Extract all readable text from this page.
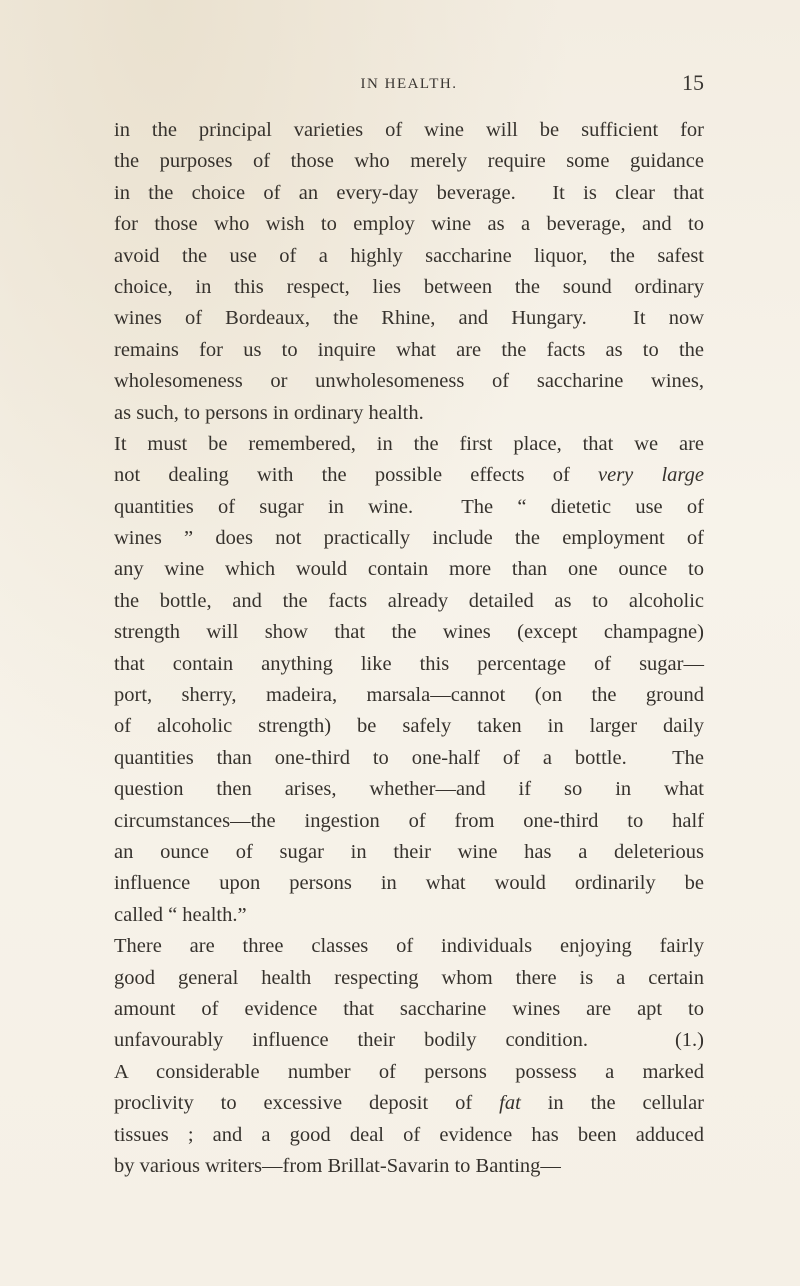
IN HEALTH.	15
in the principal varieties of wine will be sufficient for
the purposes of those who merely require some guidance
in the choice of an every-day beverage.  It is clear that
for those who wish to employ wine as a beverage, and to
avoid the use of a highly saccharine liquor, the safest
choice, in this respect, lies between the sound ordinary
wines of Bordeaux, the Rhine, and Hungary.  It now
remains for us to inquire what are the facts as to the
wholesomeness or unwholesomeness of saccharine wines,
as such, to persons in ordinary health.
It must be remembered, in the first place, that we are
not dealing with the possible effects of very large
quantities of sugar in wine.  The “ dietetic use of
wines ” does not practically include the employment of
any wine which would contain more than one ounce to
the bottle, and the facts already detailed as to alcoholic
strength will show that the wines (except champagne)
that contain anything like this percentage of sugar—
port, sherry, madeira, marsala—cannot (on the ground
of alcoholic strength) be safely taken in larger daily
quantities than one-third to one-half of a bottle.  The
question then arises, whether—and if so in what
circumstances—the ingestion of from one-third to half
an ounce of sugar in their wine has a deleterious
influence upon persons in what would ordinarily be
called “ health.”
There are three classes of individuals enjoying fairly
good general health respecting whom there is a certain
amount of evidence that saccharine wines are apt to
unfavourably influence their bodily condition.   (1.)
A considerable number of persons possess a marked
proclivity to excessive deposit of fat in the cellular
tissues ; and a good deal of evidence has been adduced
by various writers—from Brillat-Savarin to Banting—
